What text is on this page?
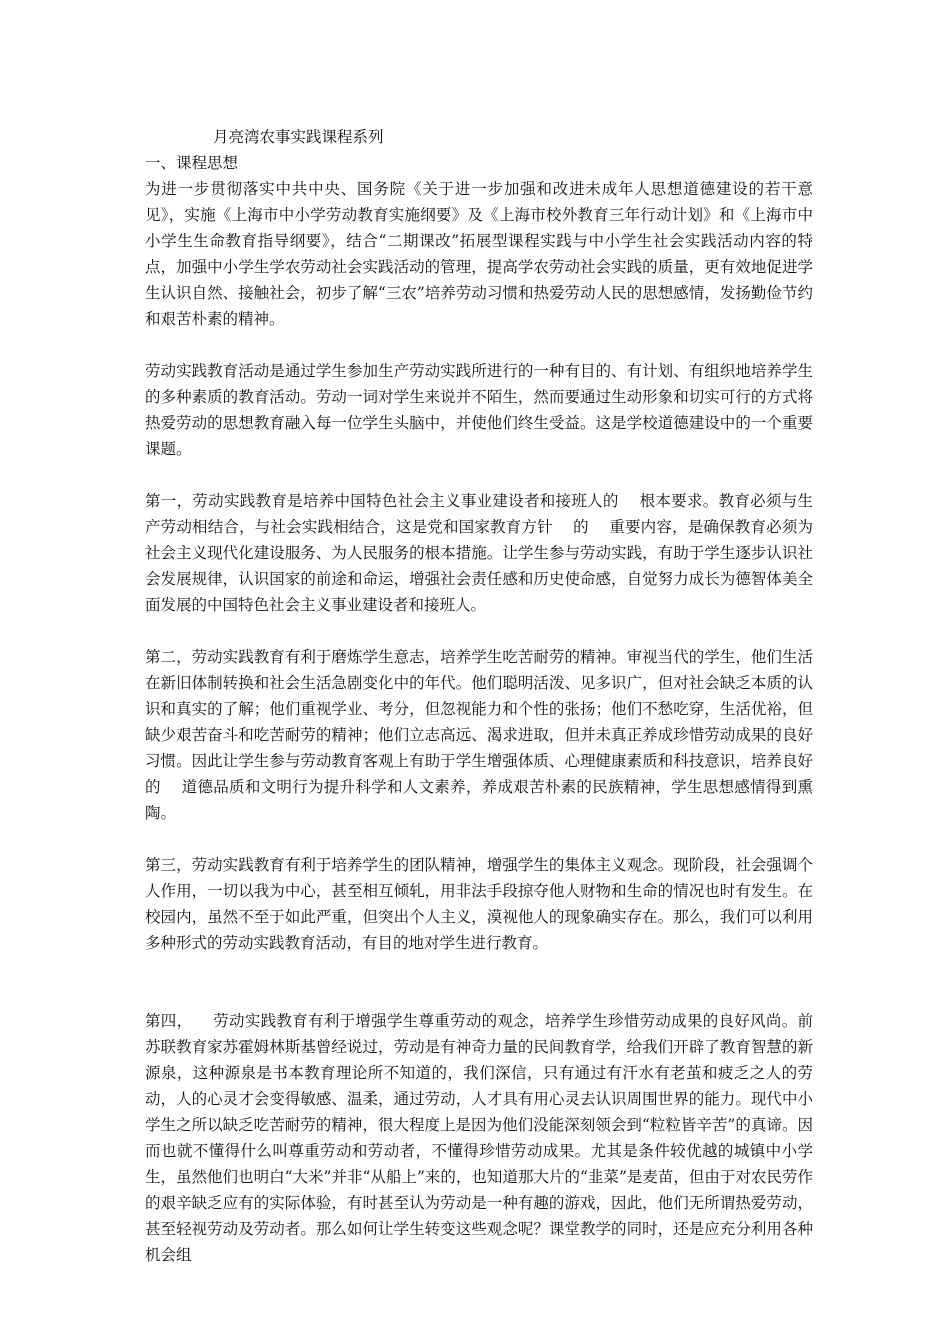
月亮湾农事实践课程系列
一、课程思想

为进一步贯彻落实中共中央、国务院《关于进一步加强和改进未成年人思想道德建设的若干意见》，实施《上海市中小学劳动教育实施纲要》及《上海市校外教育三年行动计划》和《上海市中小学生生命教育指导纲要》，结合“二期课改”拓展型课程实践与中小学生社会实践活动内容的特点，加强中小学生学农劳动社会实践活动的管理，提高学农劳动社会实践的质量，更有效地促进学生认识自然、接触社会，初步了解“三农”培养劳动习惯和热爱劳动人民的思想感情，发扬勤俭节约和艰苦朴素的精神。

劳动实践教育活动是通过学生参加生产劳动实践所进行的一种有目的、有计划、有组织地培养学生的多种素质的教育活动。劳动一词对学生来说并不陌生，然而要通过生动形象和切实可行的方式将热爱劳动的思想教育融入每一位学生头脑中，并使他们终生受益。这是学校道德建设中的一个重要课题。

第一，劳动实践教育是培养中国特色社会主义事业建设者和接班人的    根本要求。教育必须与生产劳动相结合，与社会实践相结合，这是党和国家教育方针    的    重要内容，是确保教育必须为社会主义现代化建设服务、为人民服务的根本措施。让学生参与劳动实践，有助于学生逐步认识社会发展规律，认识国家的前途和命运，增强社会责任感和历史使命感，自觉努力成长为德智体美全面发展的中国特色社会主义事业建设者和接班人。

第二，劳动实践教育有利于磨炼学生意志，培养学生吃苦耐劳的精神。审视当代的学生，他们生活在新旧体制转换和社会生活急剧变化中的年代。他们聪明活泼、见多识广，但对社会缺乏本质的认识和真实的了解；他们重视学业、考分，但忽视能力和个性的张扬；他们不愁吃穿，生活优裕，但缺少艰苦奋斗和吃苦耐劳的精神；他们立志高远、渴求进取，但并未真正养成珍惜劳动成果的良好习惯。因此让学生参与劳动教育客观上有助于学生增强体质、心理健康素质和科技意识，培养良好的    道德品质和文明行为提升科学和人文素养，养成艰苦朴素的民族精神，学生思想感情得到熏陶。

第三，劳动实践教育有利于培养学生的团队精神，增强学生的集体主义观念。现阶段，社会强调个人作用，一切以我为中心，甚至相互倾轧，用非法手段掠夺他人财物和生命的情况也时有发生。在校园内，虽然不至于如此严重，但突出个人主义，漠视他人的现象确实存在。那么，我们可以利用多种形式的劳动实践教育活动，有目的地对学生进行教育。

第四，    劳动实践教育有利于增强学生尊重劳动的观念，培养学生珍惜劳动成果的良好风尚。前苏联教育家苏霍姆林斯基曾经说过，劳动是有神奇力量的民间教育学，给我们开辟了教育智慧的新源泉，这种源泉是书本教育理论所不知道的，我们深信，只有通过有汗水有老茧和疲乏之人的劳动，人的心灵才会变得敏感、温柔，通过劳动，人才具有用心灵去认识周围世界的能力。现代中小学生之所以缺乏吃苦耐劳的精神，很大程度上是因为他们没能深刻领会到“粒粒皆辛苦”的真谛。因而也就不懂得什么叫尊重劳动和劳动者，不懂得珍惜劳动成果。尤其是条件较优越的城镇中小学生，虽然他们也明白“大米”并非“从船上”来的，也知道那大片的“韭菜”是麦苗，但由于对农民劳作的艰辛缺乏应有的实际体验，有时甚至认为劳动是一种有趣的游戏，因此，他们无所谓热爱劳动，甚至轻视劳动及劳动者。那么如何让学生转变这些观念呢？课堂教学的同时，还是应充分利用各种机会组
